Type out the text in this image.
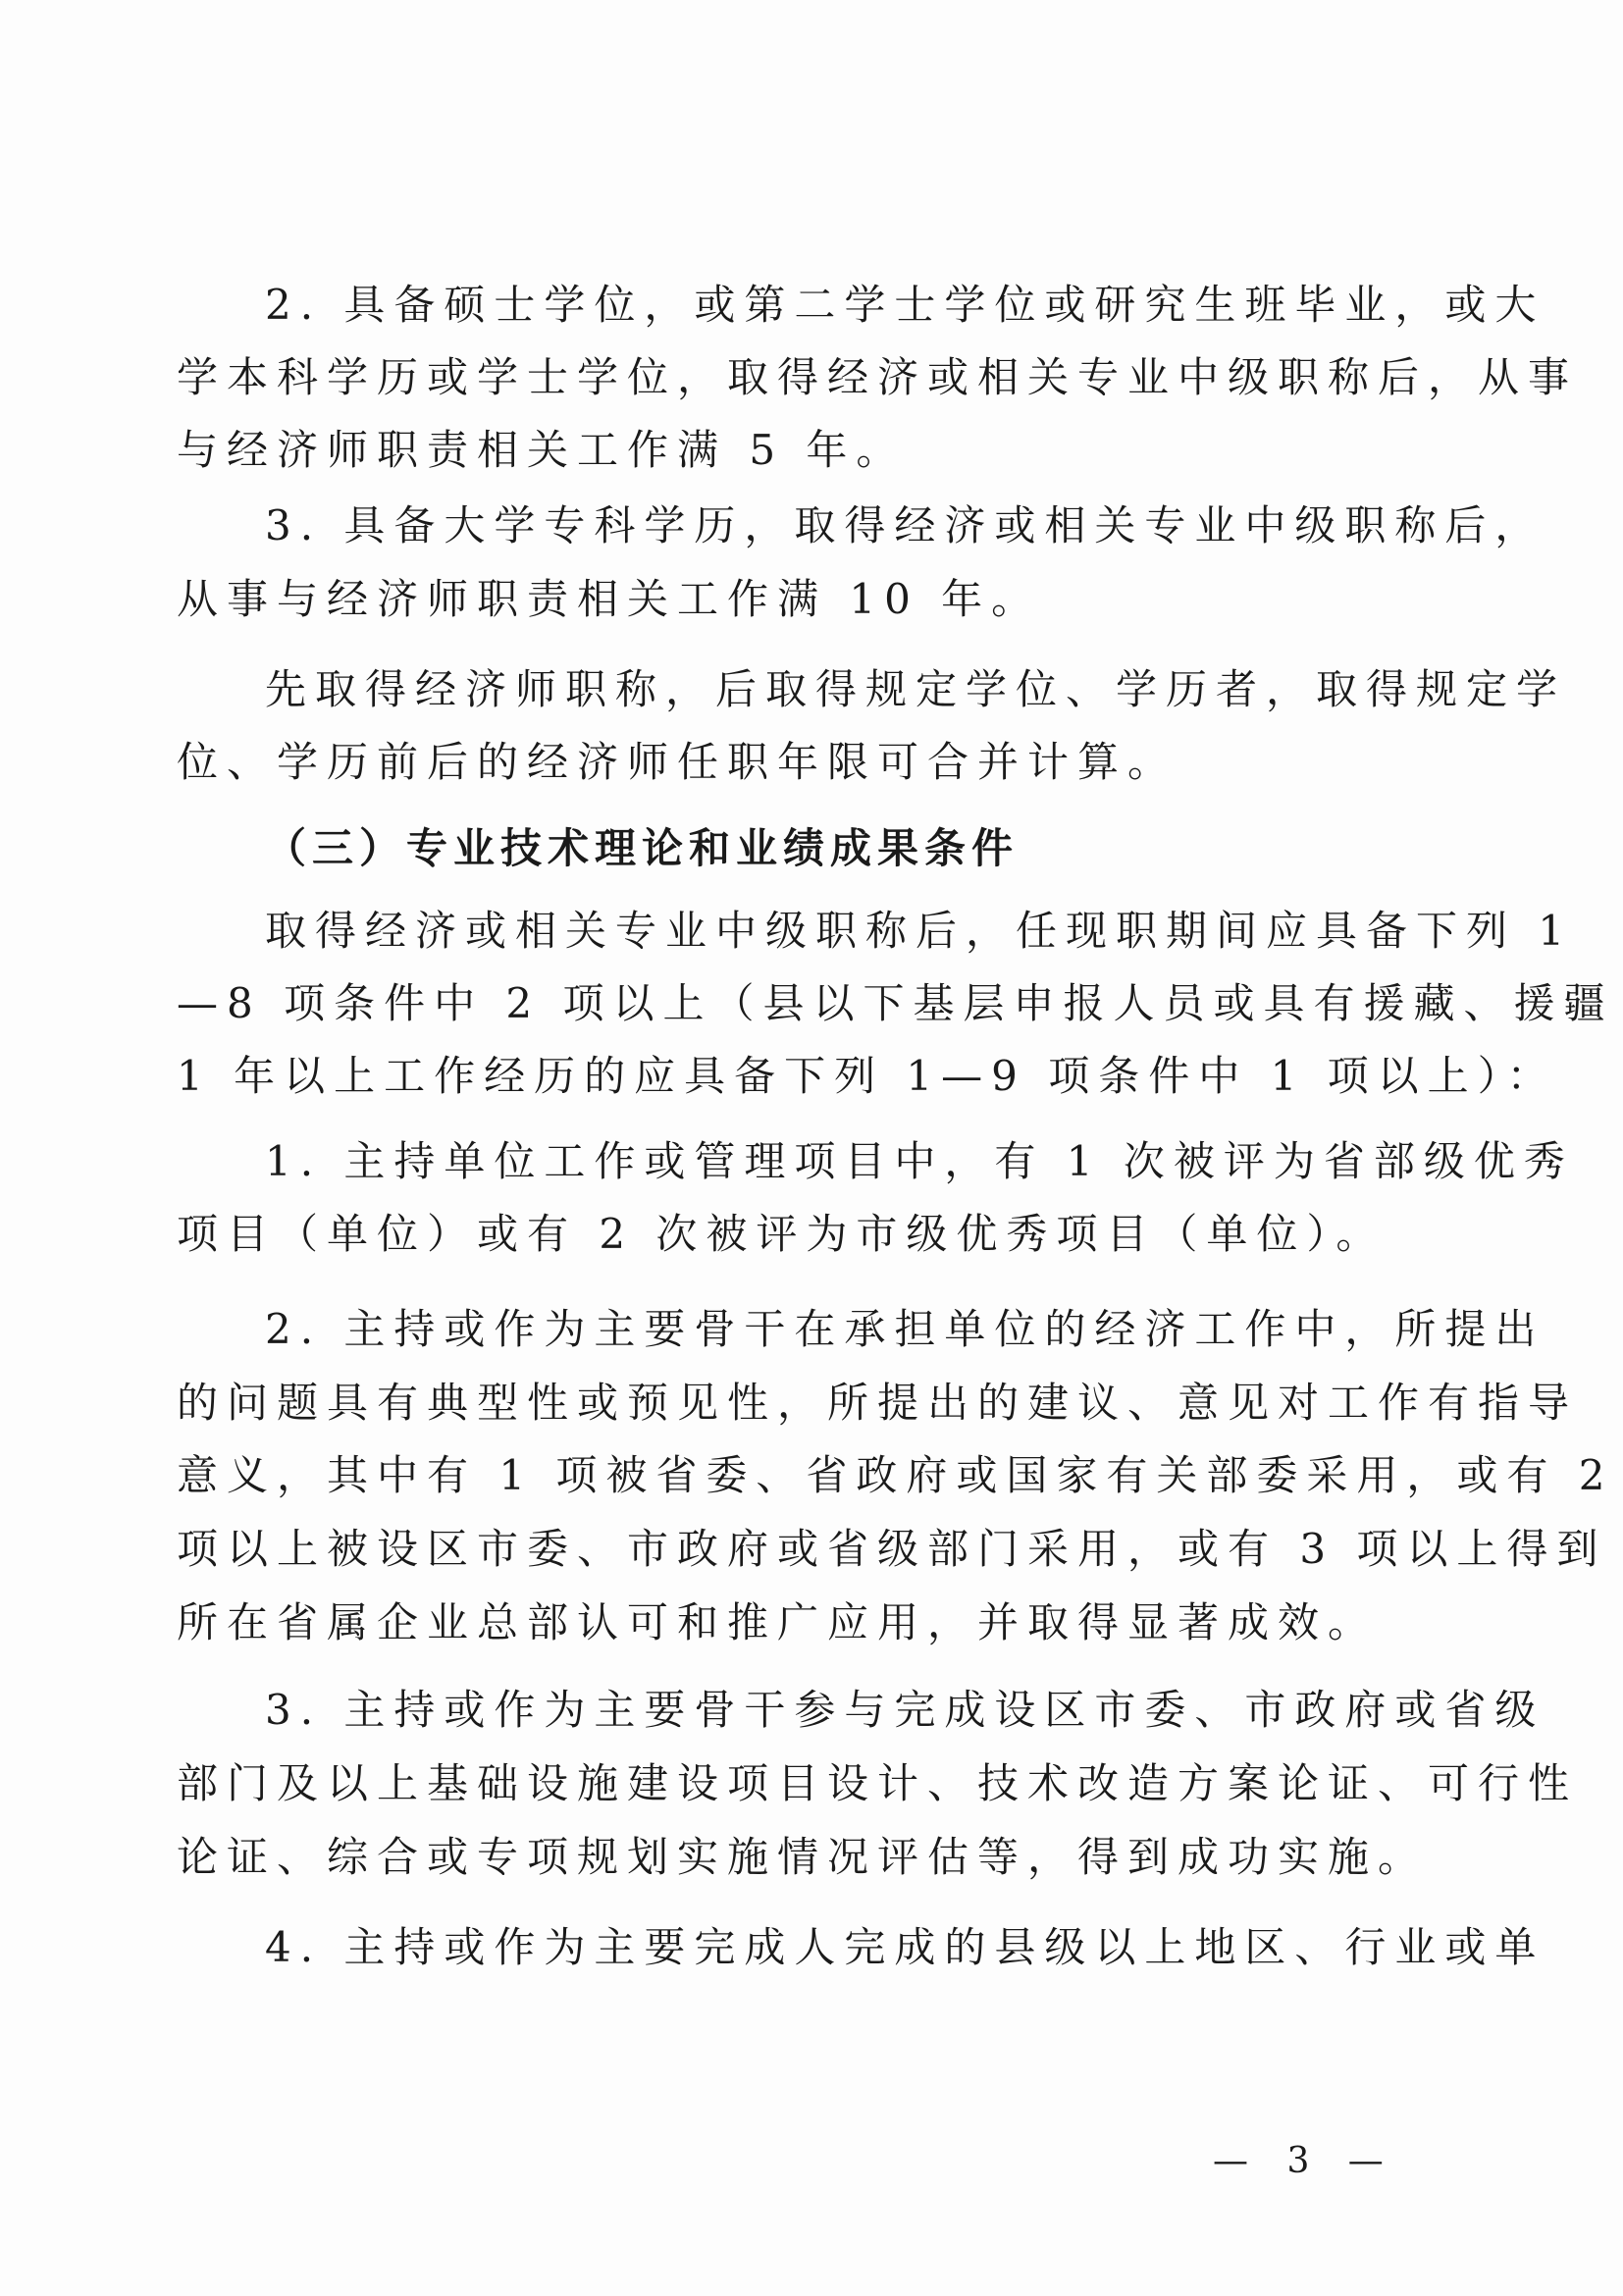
2. 具备硕士学位，或第二学士学位或研究生班毕业，或大
学本科学历或学士学位，取得经济或相关专业中级职称后，从事
与经济师职责相关工作满 5 年。
3. 具备大学专科学历，取得经济或相关专业中级职称后，
从事与经济师职责相关工作满 10 年。
先取得经济师职称，后取得规定学位、学历者，取得规定学
位、学历前后的经济师任职年限可合并计算。
（三）专业技术理论和业绩成果条件
取得经济或相关专业中级职称后，任现职期间应具备下列 1
—8 项条件中 2 项以上（县以下基层申报人员或具有援藏、援疆
1 年以上工作经历的应具备下列 1—9 项条件中 1 项以上）：
1. 主持单位工作或管理项目中，有 1 次被评为省部级优秀
项目（单位）或有 2 次被评为市级优秀项目（单位）。
2. 主持或作为主要骨干在承担单位的经济工作中，所提出
的问题具有典型性或预见性，所提出的建议、意见对工作有指导
意义，其中有 1 项被省委、省政府或国家有关部委采用，或有 2
项以上被设区市委、市政府或省级部门采用，或有 3 项以上得到
所在省属企业总部认可和推广应用，并取得显著成效。
3. 主持或作为主要骨干参与完成设区市委、市政府或省级
部门及以上基础设施建设项目设计、技术改造方案论证、可行性
论证、综合或专项规划实施情况评估等，得到成功实施。
4. 主持或作为主要完成人完成的县级以上地区、行业或单
— 3 —
